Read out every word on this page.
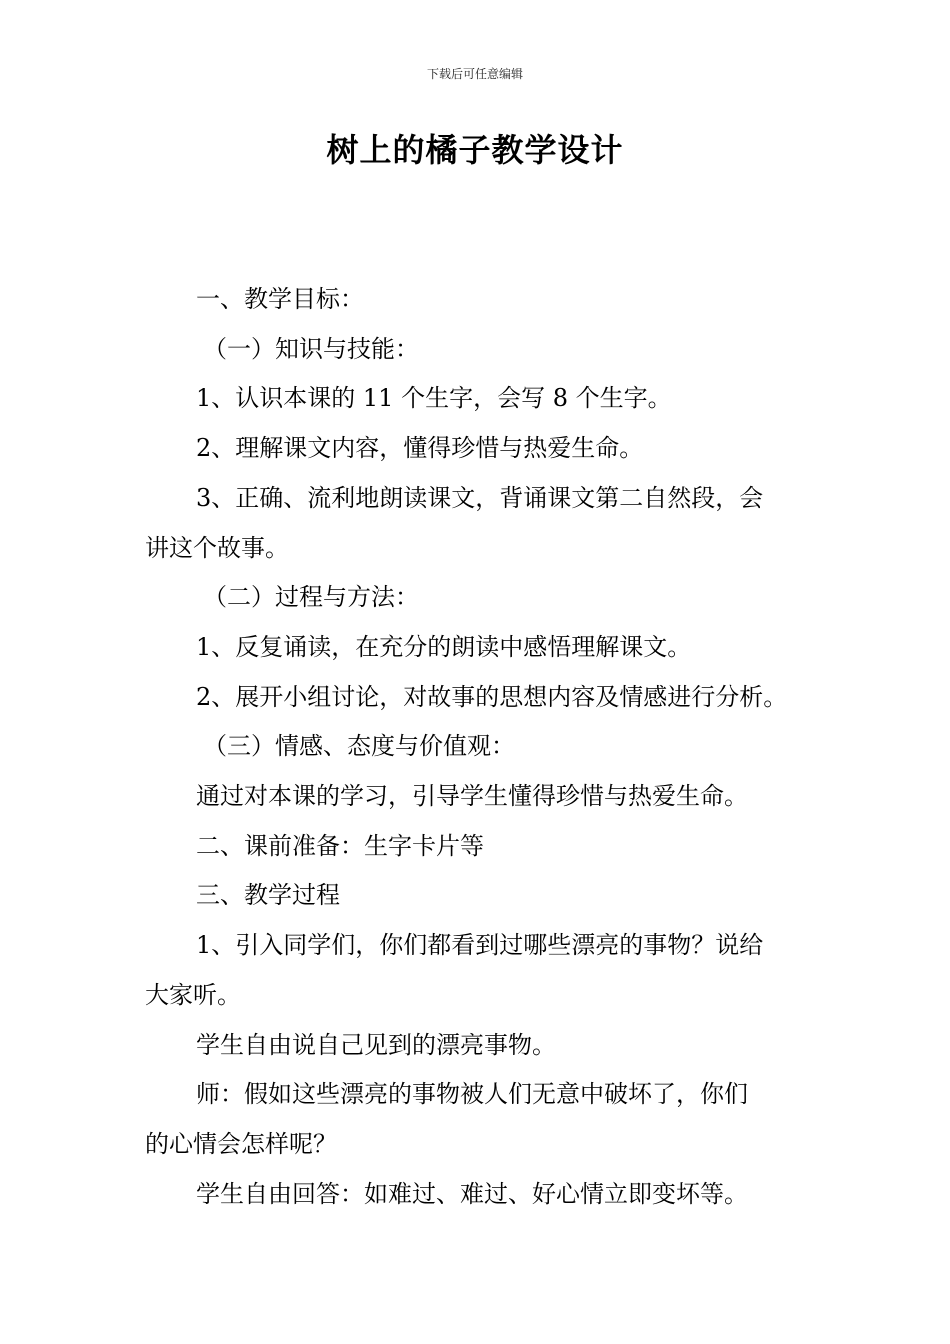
下载后可任意编辑
树上的橘子教学设计
一、教学目标：
（一）知识与技能：
1、认识本课的 11 个生字，会写 8 个生字。
2、理解课文内容，懂得珍惜与热爱生命。
3、正确、流利地朗读课文，背诵课文第二自然段，会
讲这个故事。
（二）过程与方法：
1、反复诵读，在充分的朗读中感悟理解课文。
2、展开小组讨论，对故事的思想内容及情感进行分析。
（三）情感、态度与价值观：
通过对本课的学习，引导学生懂得珍惜与热爱生命。
二、课前准备：生字卡片等
三、教学过程
1、引入同学们，你们都看到过哪些漂亮的事物？说给
大家听。
学生自由说自己见到的漂亮事物。
师：假如这些漂亮的事物被人们无意中破坏了，你们
的心情会怎样呢？
学生自由回答：如难过、难过、好心情立即变坏等。
